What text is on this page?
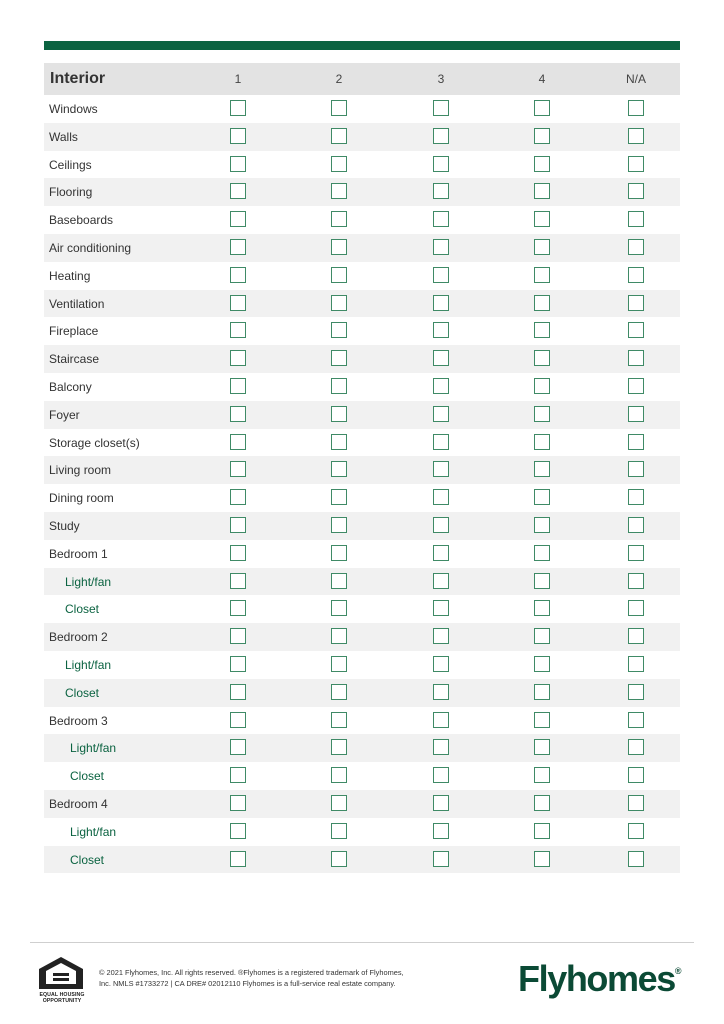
Interior	1	2	3	4	N/A
Windows
Walls
Ceilings
Flooring
Baseboards
Air conditioning
Heating
Ventilation
Fireplace
Staircase
Balcony
Foyer
Storage closet(s)
Living room
Dining room
Study
Bedroom 1
Light/fan
Closet
Bedroom 2
Light/fan
Closet
Bedroom 3
Light/fan
Closet
Bedroom 4
Light/fan
Closet
EQUAL HOUSING OPPORTUNITY
© 2021 Flyhomes, Inc. All rights reserved. ®Flyhomes is a registered trademark of Flyhomes, Inc. NMLS #1733272 | CA DRE# 02012110 Flyhomes is a full-service real estate company.	Flyhomes®
